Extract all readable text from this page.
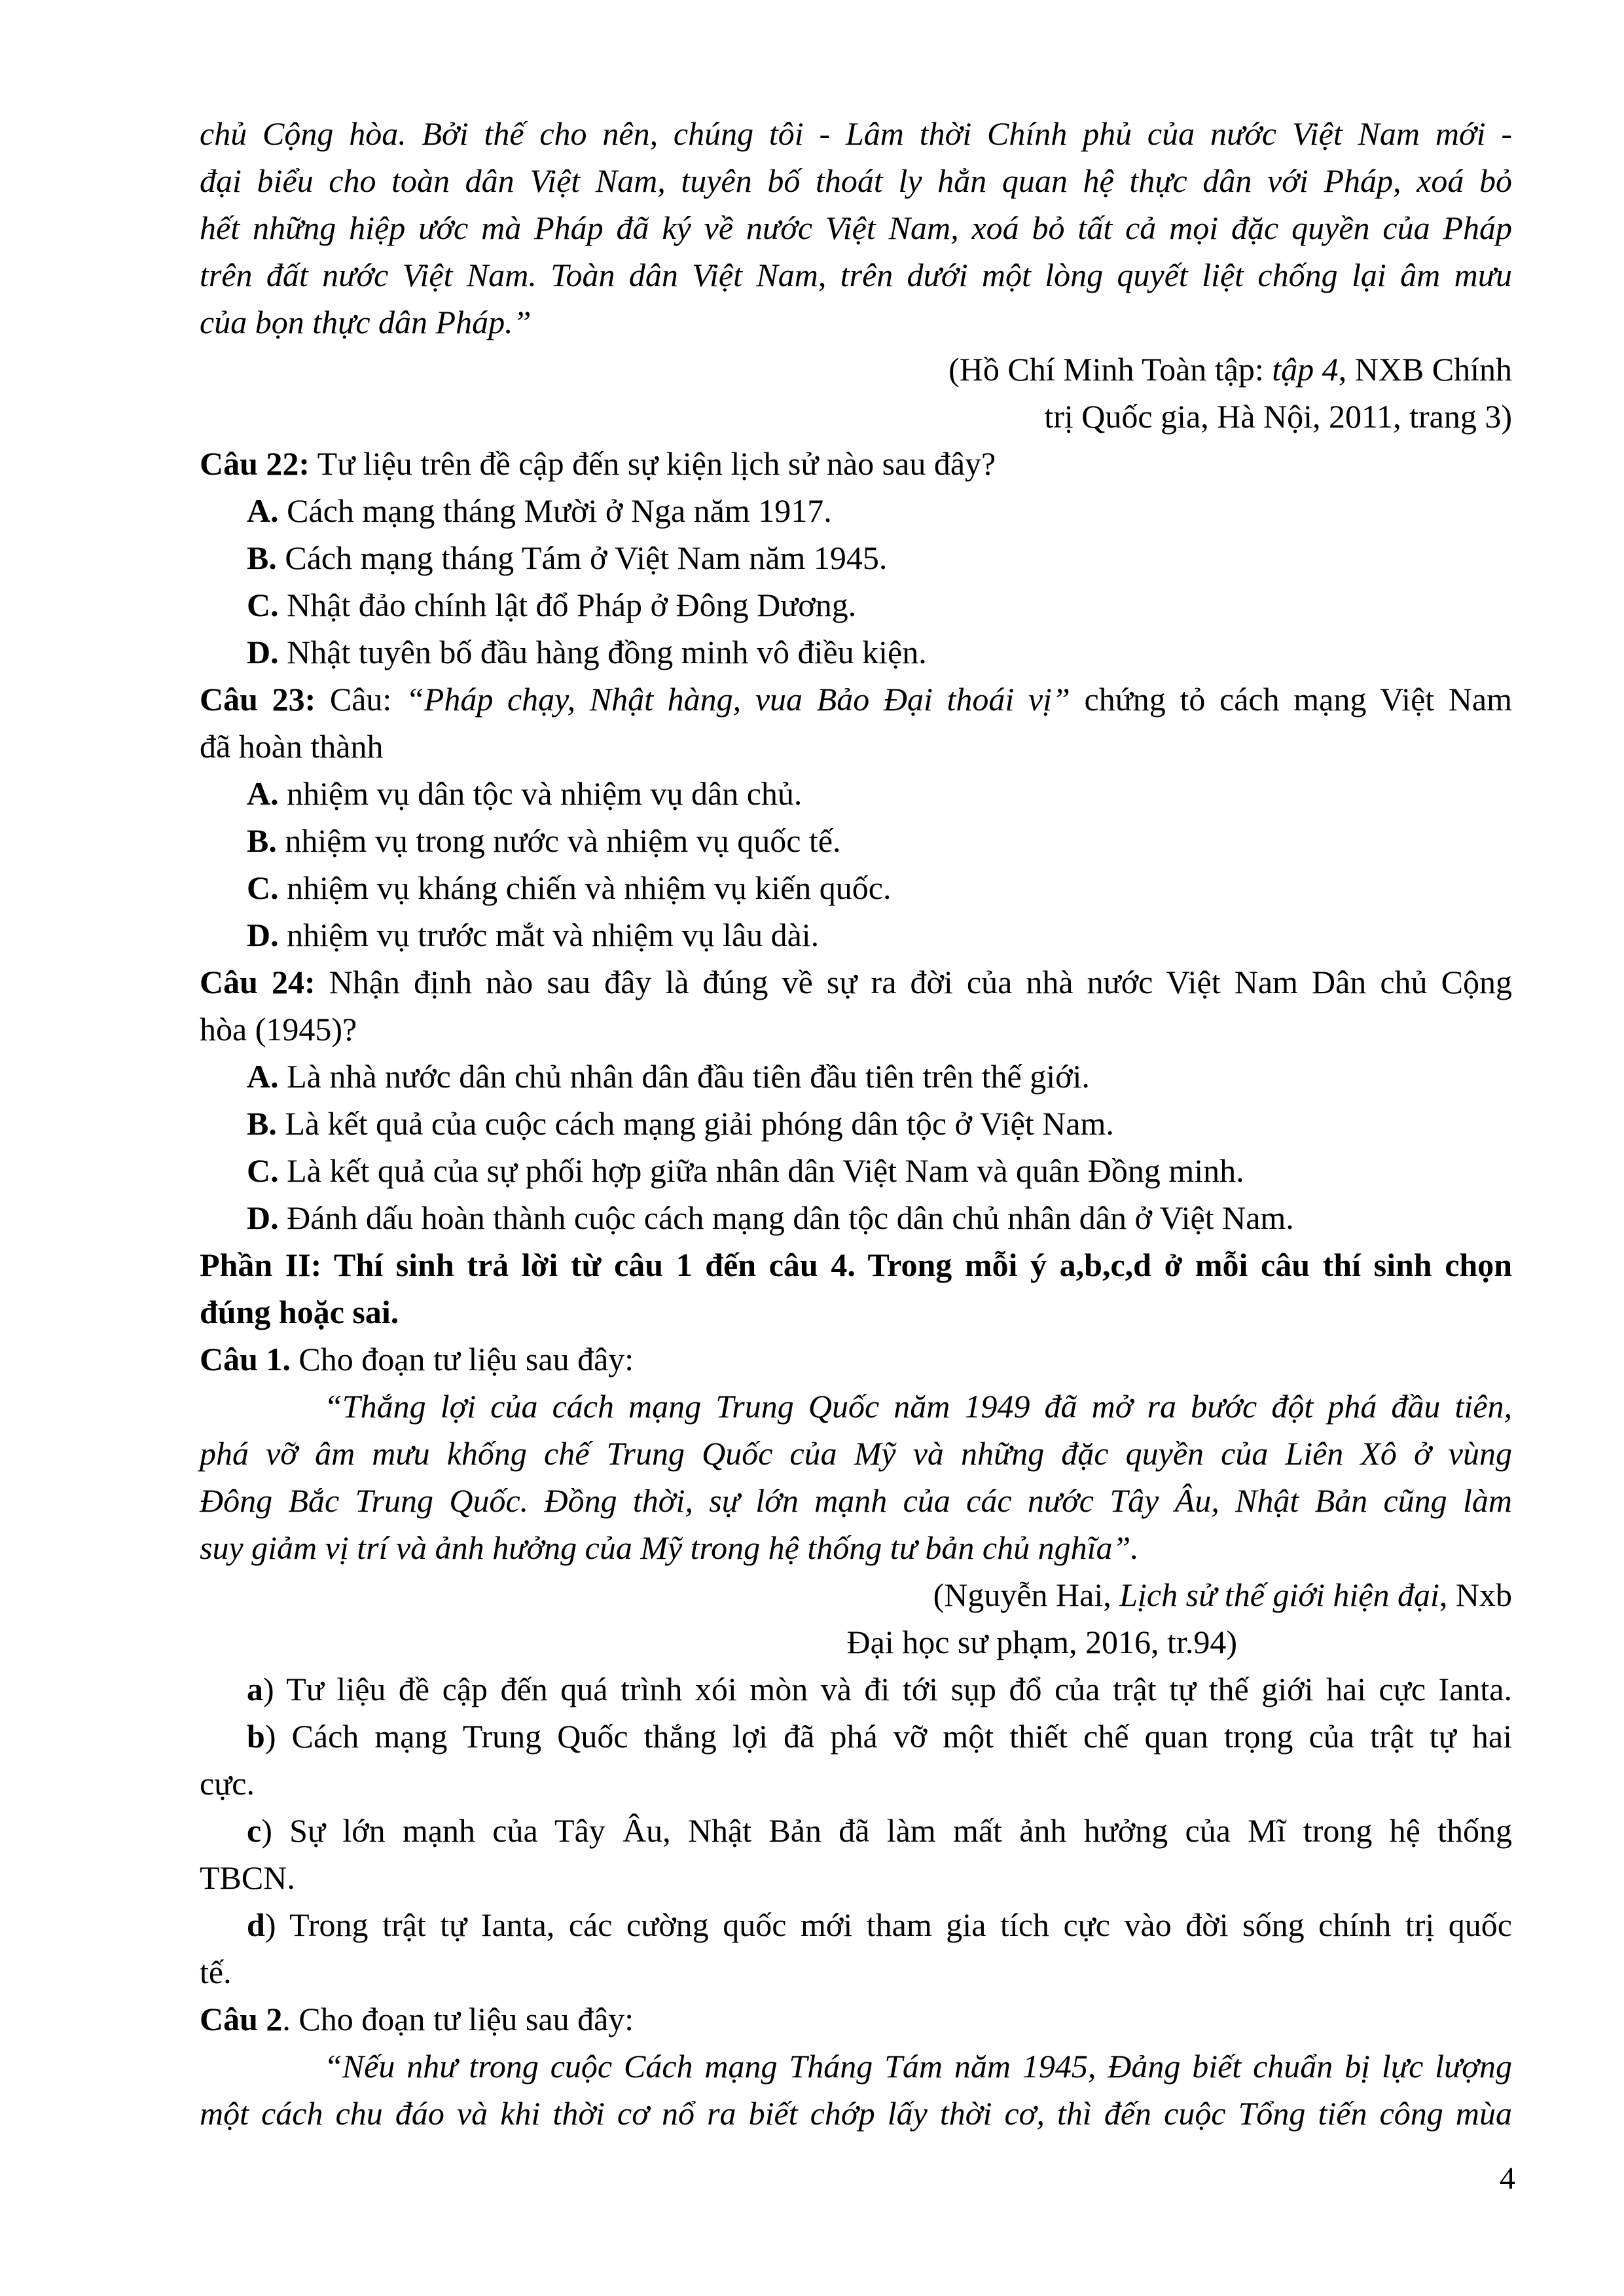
chủ Cộng hòa. Bởi thế cho nên, chúng tôi - Lâm thời Chính phủ của nước Việt Nam mới -
đại biểu cho toàn dân Việt Nam, tuyên bố thoát ly hẳn quan hệ thực dân với Pháp, xoá bỏ
hết những hiệp ước mà Pháp đã ký về nước Việt Nam, xoá bỏ tất cả mọi đặc quyền của Pháp
trên đất nước Việt Nam. Toàn dân Việt Nam, trên dưới một lòng quyết liệt chống lại âm mưu
của bọn thực dân Pháp.”
(Hồ Chí Minh Toàn tập: tập 4, NXB Chính
trị Quốc gia, Hà Nội, 2011, trang 3)
Câu 22: Tư liệu trên đề cập đến sự kiện lịch sử nào sau đây?
A. Cách mạng tháng Mười ở Nga năm 1917.
B. Cách mạng tháng Tám ở Việt Nam năm 1945.
C. Nhật đảo chính lật đổ Pháp ở Đông Dương.
D. Nhật tuyên bố đầu hàng đồng minh vô điều kiện.
Câu 23: Câu: “Pháp chạy, Nhật hàng, vua Bảo Đại thoái vị” chứng tỏ cách mạng Việt Nam
đã hoàn thành
A. nhiệm vụ dân tộc và nhiệm vụ dân chủ.
B. nhiệm vụ trong nước và nhiệm vụ quốc tế.
C. nhiệm vụ kháng chiến và nhiệm vụ kiến quốc.
D. nhiệm vụ trước mắt và nhiệm vụ lâu dài.
Câu 24: Nhận định nào sau đây là đúng về sự ra đời của nhà nước Việt Nam Dân chủ Cộng
hòa (1945)?
A. Là nhà nước dân chủ nhân dân đầu tiên đầu tiên trên thế giới.
B. Là kết quả của cuộc cách mạng giải phóng dân tộc ở Việt Nam.
C. Là kết quả của sự phối hợp giữa nhân dân Việt Nam và quân Đồng minh.
D. Đánh dấu hoàn thành cuộc cách mạng dân tộc dân chủ nhân dân ở Việt Nam.
Phần II: Thí sinh trả lời từ câu 1 đến câu 4. Trong mỗi ý a,b,c,d ở mỗi câu thí sinh chọn
đúng hoặc sai.
Câu 1. Cho đoạn tư liệu sau đây:
“Thắng lợi của cách mạng Trung Quốc năm 1949 đã mở ra bước đột phá đầu tiên,
phá vỡ âm mưu khống chế Trung Quốc của Mỹ và những đặc quyền của Liên Xô ở vùng
Đông Bắc Trung Quốc. Đồng thời, sự lớn mạnh của các nước Tây Âu, Nhật Bản cũng làm
suy giảm vị trí và ảnh hưởng của Mỹ trong hệ thống tư bản chủ nghĩa”.
(Nguyễn Hai, Lịch sử thế giới hiện đại, Nxb
Đại học sư phạm, 2016, tr.94)
a) Tư liệu đề cập đến quá trình xói mòn và đi tới sụp đổ của trật tự thế giới hai cực Ianta.
b) Cách mạng Trung Quốc thắng lợi đã phá vỡ một thiết chế quan trọng của trật tự hai
cực.
c) Sự lớn mạnh của Tây Âu, Nhật Bản đã làm mất ảnh hưởng của Mĩ trong hệ thống
TBCN.
d) Trong trật tự Ianta, các cường quốc mới tham gia tích cực vào đời sống chính trị quốc
tế.
Câu 2. Cho đoạn tư liệu sau đây:
“Nếu như trong cuộc Cách mạng Tháng Tám năm 1945, Đảng biết chuẩn bị lực lượng
một cách chu đáo và khi thời cơ nổ ra biết chớp lấy thời cơ, thì đến cuộc Tổng tiến công mùa
4
